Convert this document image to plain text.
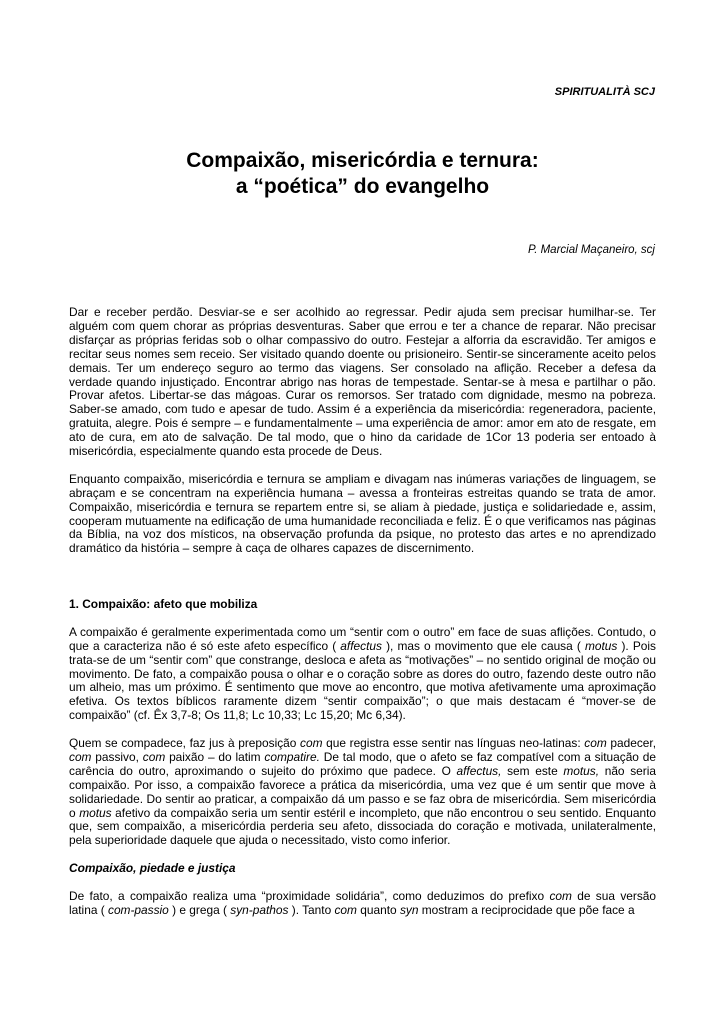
SPIRITUALITÀ SCJ
Compaixão, misericórdia e ternura:
a “poética” do evangelho
P. Marcial Maçaneiro, scj

Dar e receber perdão. Desviar-se e ser acolhido ao regressar. Pedir ajuda sem precisar humilhar-se. Ter alguém com quem chorar as próprias desventuras. Saber que errou e ter a chance de reparar. Não precisar disfarçar as próprias feridas sob o olhar compassivo do outro. Festejar a alforria da escravidão. Ter amigos e recitar seus nomes sem receio. Ser visitado quando doente ou prisioneiro. Sentir-se sinceramente aceito pelos demais. Ter um endereço seguro ao termo das viagens. Ser consolado na aflição. Receber a defesa da verdade quando injustiçado. Encontrar abrigo nas horas de tempestade. Sentar-se à mesa e partilhar o pão. Provar afetos. Libertar-se das mágoas. Curar os remorsos. Ser tratado com dignidade, mesmo na pobreza. Saber-se amado, com tudo e apesar de tudo. Assim é a experiência da misericórdia: regeneradora, paciente, gratuita, alegre. Pois é sempre – e fundamentalmente – uma experiência de amor: amor em ato de resgate, em ato de cura, em ato de salvação. De tal modo, que o hino da caridade de 1Cor 13 poderia ser entoado à misericórdia, especialmente quando esta procede de Deus.

Enquanto compaixão, misericórdia e ternura se ampliam e divagam nas inúmeras variações de linguagem, se abraçam e se concentram na experiência humana – avessa a fronteiras estreitas quando se trata de amor. Compaixão, misericórdia e ternura se repartem entre si, se aliam à piedade, justiça e solidariedade e, assim, cooperam mutuamente na edificação de uma humanidade reconciliada e feliz. É o que verificamos nas páginas da Bíblia, na voz dos místicos, na observação profunda da psique, no protesto das artes e no aprendizado dramático da história – sempre à caça de olhares capazes de discernimento.

1. Compaixão: afeto que mobiliza

A compaixão é geralmente experimentada como um “sentir com o outro” em face de suas aflições. Contudo, o que a caracteriza não é só este afeto específico ( affectus ), mas o movimento que ele causa ( motus ). Pois trata-se de um “sentir com” que constrange, desloca e afeta as “motivações” – no sentido original de moção ou movimento. De fato, a compaixão pousa o olhar e o coração sobre as dores do outro, fazendo deste outro não um alheio, mas um próximo. É sentimento que move ao encontro, que motiva afetivamente uma aproximação efetiva. Os textos bíblicos raramente dizem “sentir compaixão”; o que mais destacam é “mover-se de compaixão” (cf. Êx 3,7-8; Os 11,8; Lc 10,33; Lc 15,20; Mc 6,34).

Quem se compadece, faz jus à preposição com que registra esse sentir nas línguas neo-latinas: com padecer, com passivo, com paixão – do latim compatire. De tal modo, que o afeto se faz compatível com a situação de carência do outro, aproximando o sujeito do próximo que padece. O affectus, sem este motus, não seria compaixão. Por isso, a compaixão favorece a prática da misericórdia, uma vez que é um sentir que move à solidariedade. Do sentir ao praticar, a compaixão dá um passo e se faz obra de misericórdia. Sem misericórdia o motus afetivo da compaixão seria um sentir estéril e incompleto, que não encontrou o seu sentido. Enquanto que, sem compaixão, a misericórdia perderia seu afeto, dissociada do coração e motivada, unilateralmente, pela superioridade daquele que ajuda o necessitado, visto como inferior.

Compaixão, piedade e justiça

De fato, a compaixão realiza uma “proximidade solidária”, como deduzimos do prefixo com de sua versão latina ( com-passio ) e grega ( syn-pathos ). Tanto com quanto syn mostram a reciprocidade que põe face a
